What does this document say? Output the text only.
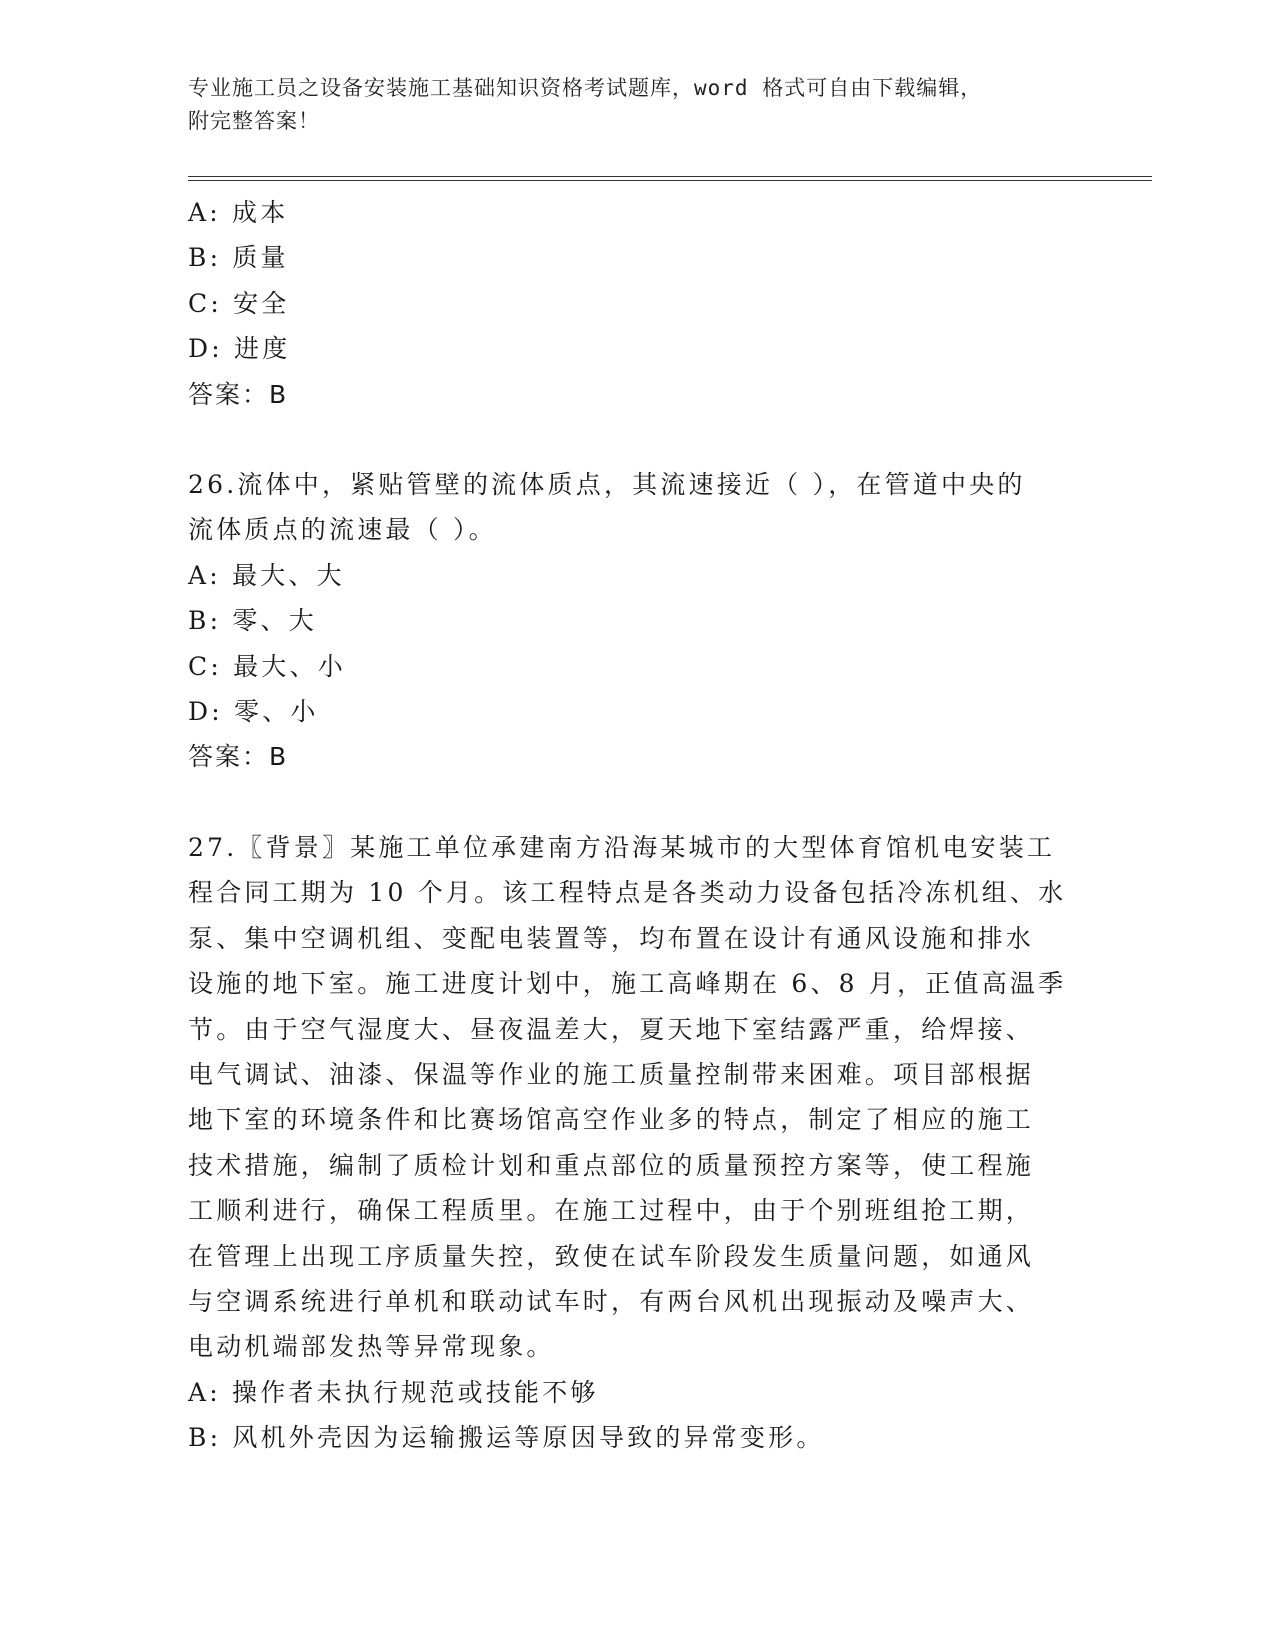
专业施工员之设备安装施工基础知识资格考试题库，word 格式可自由下载编辑，
附完整答案！
A: 成本
B: 质量
C: 安全
D: 进度
答案：B
26.流体中，紧贴管壁的流体质点，其流速接近（ ），在管道中央的
流体质点的流速最（ ）。
A: 最大、大
B: 零、大
C: 最大、小
D: 零、小
答案：B
27.〖背景〗某施工单位承建南方沿海某城市的大型体育馆机电安装工
程合同工期为 10 个月。该工程特点是各类动力设备包括冷冻机组、水
泵、集中空调机组、变配电装置等，均布置在设计有通风设施和排水
设施的地下室。施工进度计划中，施工高峰期在 6、8 月，正值高温季
节。由于空气湿度大、昼夜温差大，夏天地下室结露严重，给焊接、
电气调试、油漆、保温等作业的施工质量控制带来困难。项目部根据
地下室的环境条件和比赛场馆高空作业多的特点，制定了相应的施工
技术措施，编制了质检计划和重点部位的质量预控方案等，使工程施
工顺利进行，确保工程质里。在施工过程中，由于个别班组抢工期，
在管理上出现工序质量失控，致使在试车阶段发生质量问题，如通风
与空调系统进行单机和联动试车时，有两台风机出现振动及噪声大、
电动机端部发热等异常现象。
A: 操作者未执行规范或技能不够
B: 风机外壳因为运输搬运等原因导致的异常变形。
